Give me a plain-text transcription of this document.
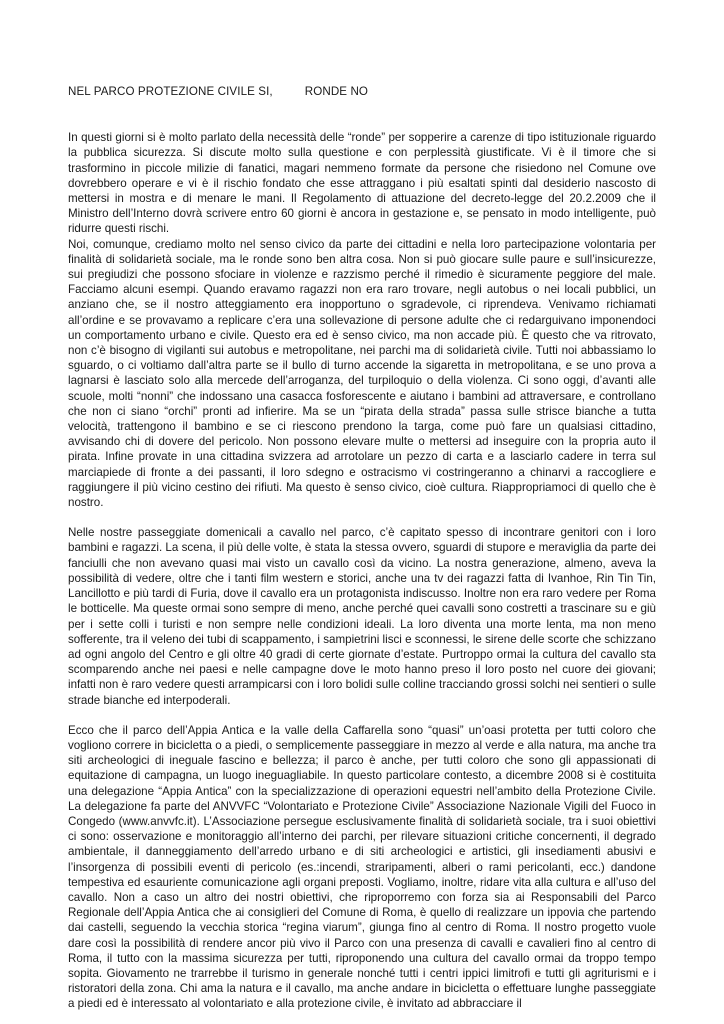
NEL PARCO PROTEZIONE CIVILE SI,	RONDE NO

In questi giorni si è molto parlato della necessità delle “ronde” per sopperire a carenze di tipo istituzionale riguardo la pubblica sicurezza. Si discute molto sulla questione e con perplessità giustificate. Vi è il timore che si trasformino in piccole milizie di fanatici, magari nemmeno formate da persone che risiedono nel Comune ove dovrebbero operare e vi è il rischio fondato che esse attraggano i più esaltati spinti dal desiderio nascosto di mettersi in mostra e di menare le mani. Il Regolamento di attuazione del decreto-legge del 20.2.2009 che il Ministro dell’Interno dovrà scrivere entro 60 giorni è ancora in gestazione e, se pensato in modo intelligente, può ridurre questi rischi.

Noi, comunque, crediamo molto nel senso civico da parte dei cittadini e nella loro partecipazione volontaria per finalità di solidarietà sociale, ma le ronde sono ben altra cosa. Non si può giocare sulle paure e sull’insicurezze, sui pregiudizi che possono sfociare in violenze e razzismo perché il rimedio è sicuramente peggiore del male. Facciamo alcuni esempi. Quando eravamo ragazzi non era raro trovare, negli autobus o nei locali pubblici, un anziano che, se il nostro atteggiamento era inopportuno o sgradevole, ci riprendeva. Venivamo richiamati all’ordine e se provavamo a replicare c’era una sollevazione di persone adulte che ci redarguivano imponendoci un comportamento urbano e civile. Questo era ed è senso civico, ma non accade più. È questo che va ritrovato, non c’è bisogno di vigilanti sui autobus e metropolitane, nei parchi ma di solidarietà civile. Tutti noi abbassiamo lo sguardo, o ci voltiamo dall’altra parte se il bullo di turno accende la sigaretta in metropolitana, e se uno prova a lagnarsi è lasciato solo alla mercede dell’arroganza, del turpiloquio o della violenza. Ci sono oggi, d’avanti alle scuole, molti “nonni” che indossano una casacca fosforescente e aiutano i bambini ad attraversare, e controllano che non ci siano “orchi” pronti ad infierire. Ma se un “pirata della strada” passa sulle strisce bianche a tutta velocità, trattengono il bambino e se ci riescono prendono la targa, come può fare un qualsiasi cittadino, avvisando chi di dovere del pericolo. Non possono elevare multe o mettersi ad inseguire con la propria auto il pirata. Infine provate in una cittadina svizzera ad arrotolare un pezzo di carta e a lasciarlo cadere in terra sul marciapiede di fronte a dei passanti, il loro sdegno e ostracismo vi costringeranno a chinarvi a raccogliere e raggiungere il più vicino cestino dei rifiuti. Ma questo è senso civico, cioè cultura. Riappropriamoci di quello che è nostro.

Nelle nostre passeggiate domenicali a cavallo nel parco, c’è capitato spesso di incontrare genitori con i loro bambini e ragazzi. La scena, il più delle volte, è stata la stessa ovvero, sguardi di stupore e meraviglia da parte dei fanciulli che non avevano quasi mai visto un cavallo così da vicino. La nostra generazione, almeno, aveva la possibilità di vedere, oltre che i tanti film western e storici, anche una tv dei ragazzi fatta di Ivanhoe, Rin Tin Tin, Lancillotto e più tardi di Furia, dove il cavallo era un protagonista indiscusso. Inoltre non era raro vedere per Roma le botticelle. Ma queste ormai sono sempre di meno, anche perché quei cavalli sono costretti a trascinare su e giù per i sette colli i turisti e non sempre nelle condizioni ideali. La loro diventa una morte lenta, ma non meno sofferente, tra il veleno dei tubi di scappamento, i sampietrini lisci e sconnessi, le sirene delle scorte che schizzano ad ogni angolo del Centro e gli oltre 40 gradi di certe giornate d’estate. Purtroppo ormai la cultura del cavallo sta scomparendo anche nei paesi e nelle campagne dove le moto hanno preso il loro posto nel cuore dei giovani; infatti non è raro vedere questi arrampicarsi con i loro bolidi sulle colline tracciando grossi solchi nei sentieri o sulle strade bianche ed interpoderali.

Ecco che il parco dell’Appia Antica e la valle della Caffarella sono “quasi” un’oasi protetta per tutti coloro che vogliono correre in bicicletta o a piedi, o semplicemente passeggiare in mezzo al verde e alla natura, ma anche tra siti archeologici di ineguale fascino e bellezza; il parco è anche, per tutti coloro che sono gli appassionati di equitazione di campagna, un luogo ineguagliabile. In questo particolare contesto, a dicembre 2008 si è costituita una delegazione “Appia Antica” con la specializzazione di operazioni equestri nell’ambito della Protezione Civile. La delegazione fa parte del ANVVFC “Volontariato e Protezione Civile” Associazione Nazionale Vigili del Fuoco in Congedo (www.anvvfc.it). L’Associazione persegue esclusivamente finalità di solidarietà sociale, tra i suoi obiettivi ci sono: osservazione e monitoraggio all’interno dei parchi, per rilevare situazioni critiche concernenti, il degrado ambientale, il danneggiamento dell’arredo urbano e di siti archeologici e artistici, gli insediamenti abusivi e l’insorgenza di possibili eventi di pericolo (es.:incendi, straripamenti, alberi o rami pericolanti, ecc.) dandone tempestiva ed esauriente comunicazione agli organi preposti. Vogliamo, inoltre, ridare vita alla cultura e all’uso del cavallo. Non a caso un altro dei nostri obiettivi, che riproporremo con forza sia ai Responsabili del Parco Regionale dell’Appia Antica che ai consiglieri del Comune di Roma, è quello di realizzare un ippovia che partendo dai castelli, seguendo la vecchia storica “regina viarum”, giunga fino al centro di Roma. Il nostro progetto vuole dare così la possibilità di rendere ancor più vivo il Parco con una presenza di cavalli e cavalieri fino al centro di Roma, il tutto con la massima sicurezza per tutti, riproponendo una cultura del cavallo ormai da troppo tempo sopita. Giovamento ne trarrebbe il turismo in generale nonché tutti i centri ippici limitrofi e tutti gli agriturismi e i ristoratori della zona. Chi ama la natura e il cavallo, ma anche andare in bicicletta o effettuare lunghe passeggiate a piedi ed è interessato al volontariato e alla protezione civile, è invitato ad abbracciare il
